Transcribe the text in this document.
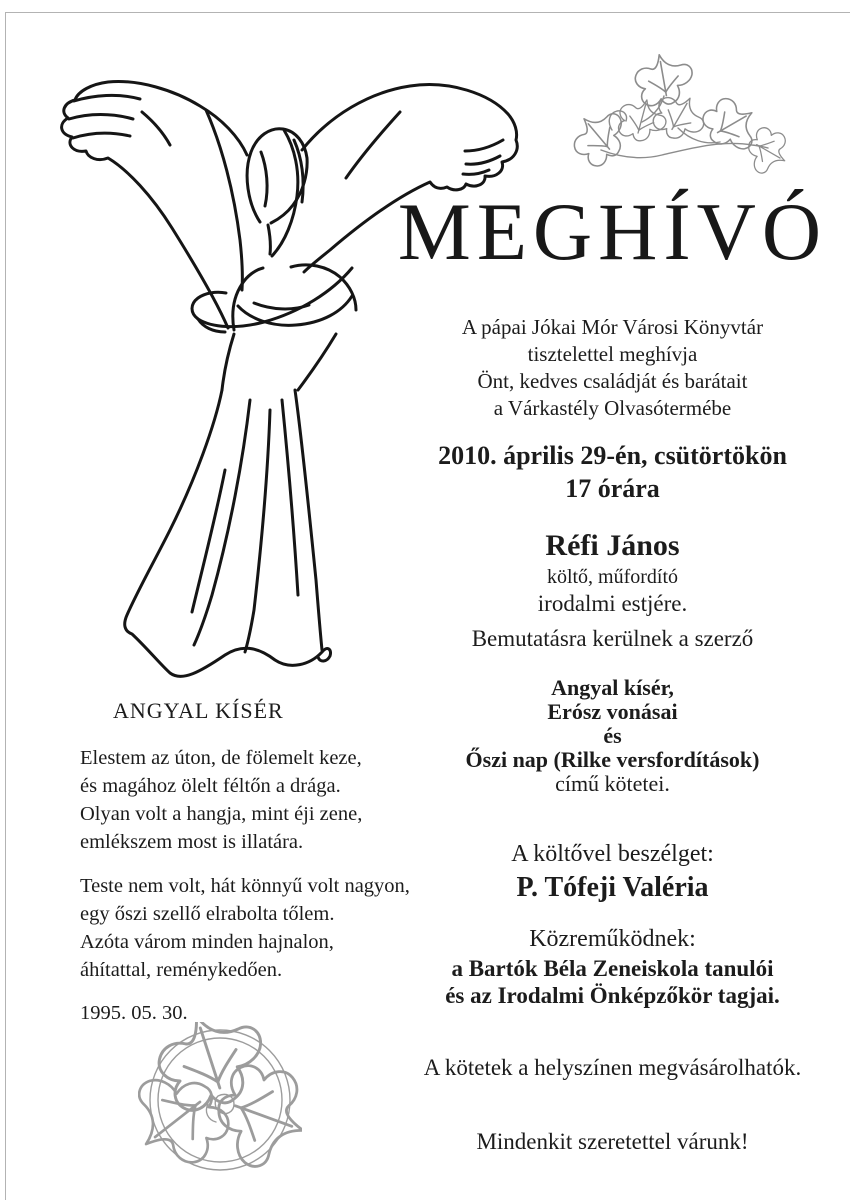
MEGHÍVÓ
A pápai Jókai Mór Városi Könyvtár
tisztelettel meghívja
Önt, kedves családját és barátait
a Várkastély Olvasótermébe
2010. április 29-én, csütörtökön
17 órára
Réfi János
költő, műfordító
irodalmi estjére.
Bemutatásra kerülnek a szerző
Angyal kísér,
Erósz vonásai
és
Őszi nap (Rilke versfordítások)
című kötetei.
A költővel beszélget:
P. Tófeji Valéria
Közreműködnek:
a Bartók Béla Zeneiskola tanulói
és az Irodalmi Önképzőkör tagjai.
A kötetek a helyszínen megvásárolhatók.
Mindenkit szeretettel várunk!
ANGYAL KÍSÉR
Elestem az úton, de fölemelt keze,
és magához ölelt féltőn a drága.
Olyan volt a hangja, mint éji zene,
emlékszem most is illatára.
Teste nem volt, hát könnyű volt nagyon,
egy őszi szellő elrabolta tőlem.
Azóta várom minden hajnalon,
áhítattal, reménykedően.
1995. 05. 30.
